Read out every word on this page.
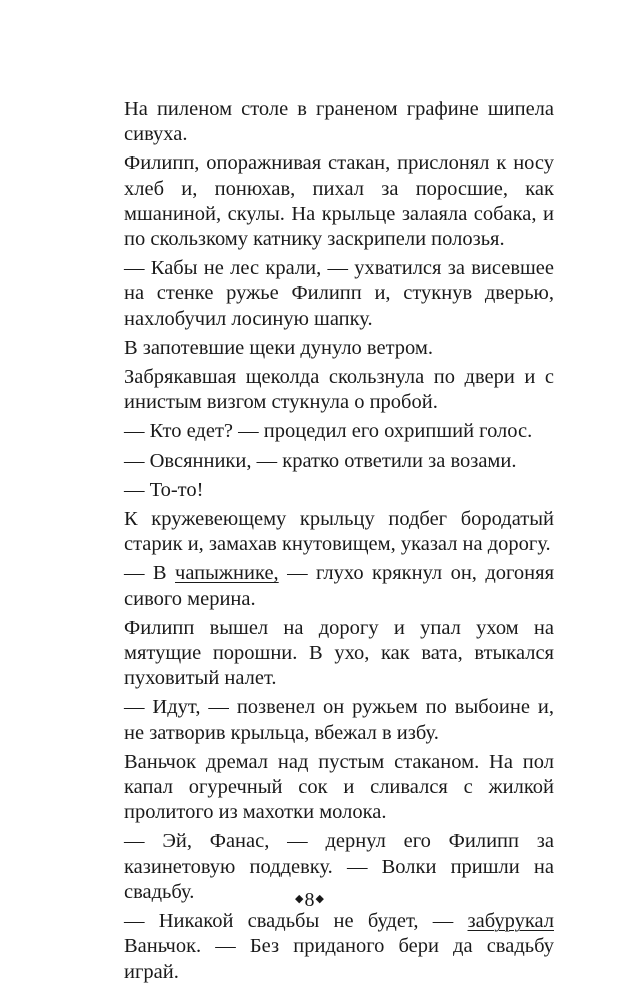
На пиленом столе в граненом графине шипела сивуха.

Филипп, опоражнивая стакан, прислонял к носу хлеб и, понюхав, пихал за поросшие, как мшаниной, скулы. На крыльце залаяла собака, и по скользкому катнику заскрипели полозья.

— Кабы не лес крали, — ухватился за висевшее на стенке ружье Филипп и, стукнув дверью, нахлобучил лосиную шапку.

В запотевшие щеки дунуло ветром.

Забрякавшая щеколда скользнула по двери и с инистым визгом стукнула о пробой.

— Кто едет? — процедил его охрипший голос.

— Овсянники, — кратко ответили за возами.

— То-то!

К кружевеющему крыльцу подбег бородатый старик и, замахав кнутовищем, указал на дорогу.

— В чапыжнике, — глухо крякнул он, догоняя сивого мерина.

Филипп вышел на дорогу и упал ухом на мятущие порошни. В ухо, как вата, втыкался пуховитый налет.

— Идут, — позвенел он ружьем по выбоине и, не затворив крыльца, вбежал в избу.

Ваньчок дремал над пустым стаканом. На пол капал огуречный сок и сливался с жилкой пролитого из махотки молока.

— Эй, Фанас, — дернул его Филипп за казинетовую поддевку. — Волки пришли на свадьбу.

— Никакой свадьбы не будет, — забурукал Ваньчок. — Без приданого бери да свадьбу играй.

◆8◆
